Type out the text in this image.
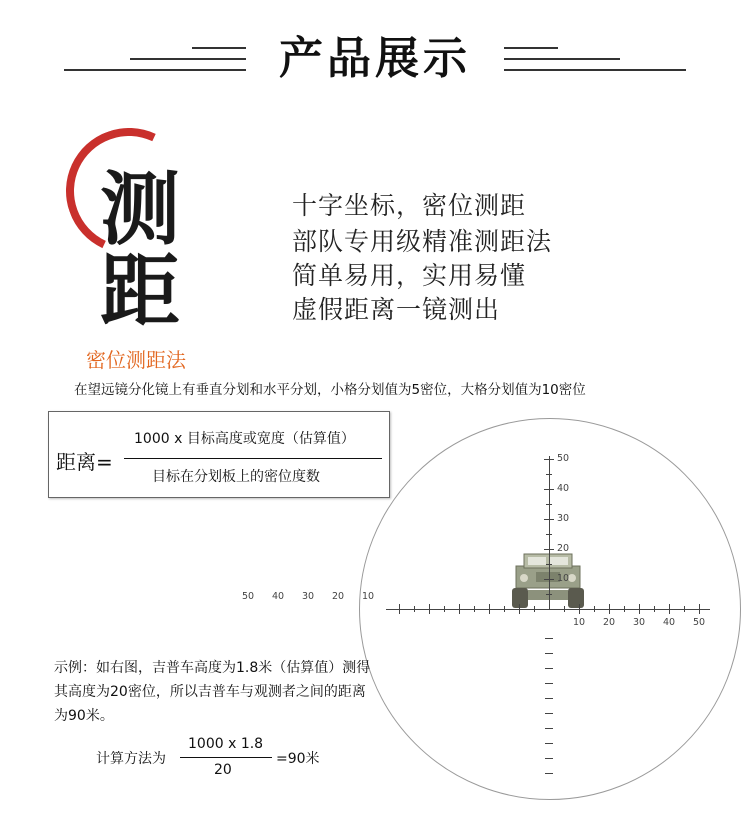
产品展示
测
距
密位测距法
十字坐标，密位测距
部队专用级精准测距法
简单易用，实用易懂
虚假距离一镜测出
在望远镜分化镜上有垂直分划和水平分划，小格分划值为5密位，大格分划值为10密位
距离=
1000 x 目标高度或宽度（估算值）
目标在分划板上的密位度数
50
40
30
20
10
50 40 30 20 10
10 20 30 40 50
示例：如右图，吉普车高度为1.8米（估算值）测得其高度为20密位，所以吉普车与观测者之间的距离为90米。
计算方法为
1000 x 1.8
20
=90米
